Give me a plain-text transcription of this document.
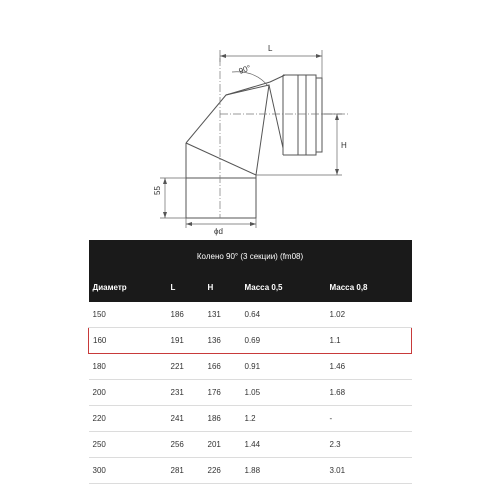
L
H
90°
55
ϕd
Колено 90° (3 секции) (fm08)				
Диаметр	L	H	Масса 0,5	Масса 0,8
150	186	131	0.64	1.02
160	191	136	0.69	1.1
180	221	166	0.91	1.46
200	231	176	1.05	1.68
220	241	186	1.2	-
250	256	201	1.44	2.3
300	281	226	1.88	3.01
